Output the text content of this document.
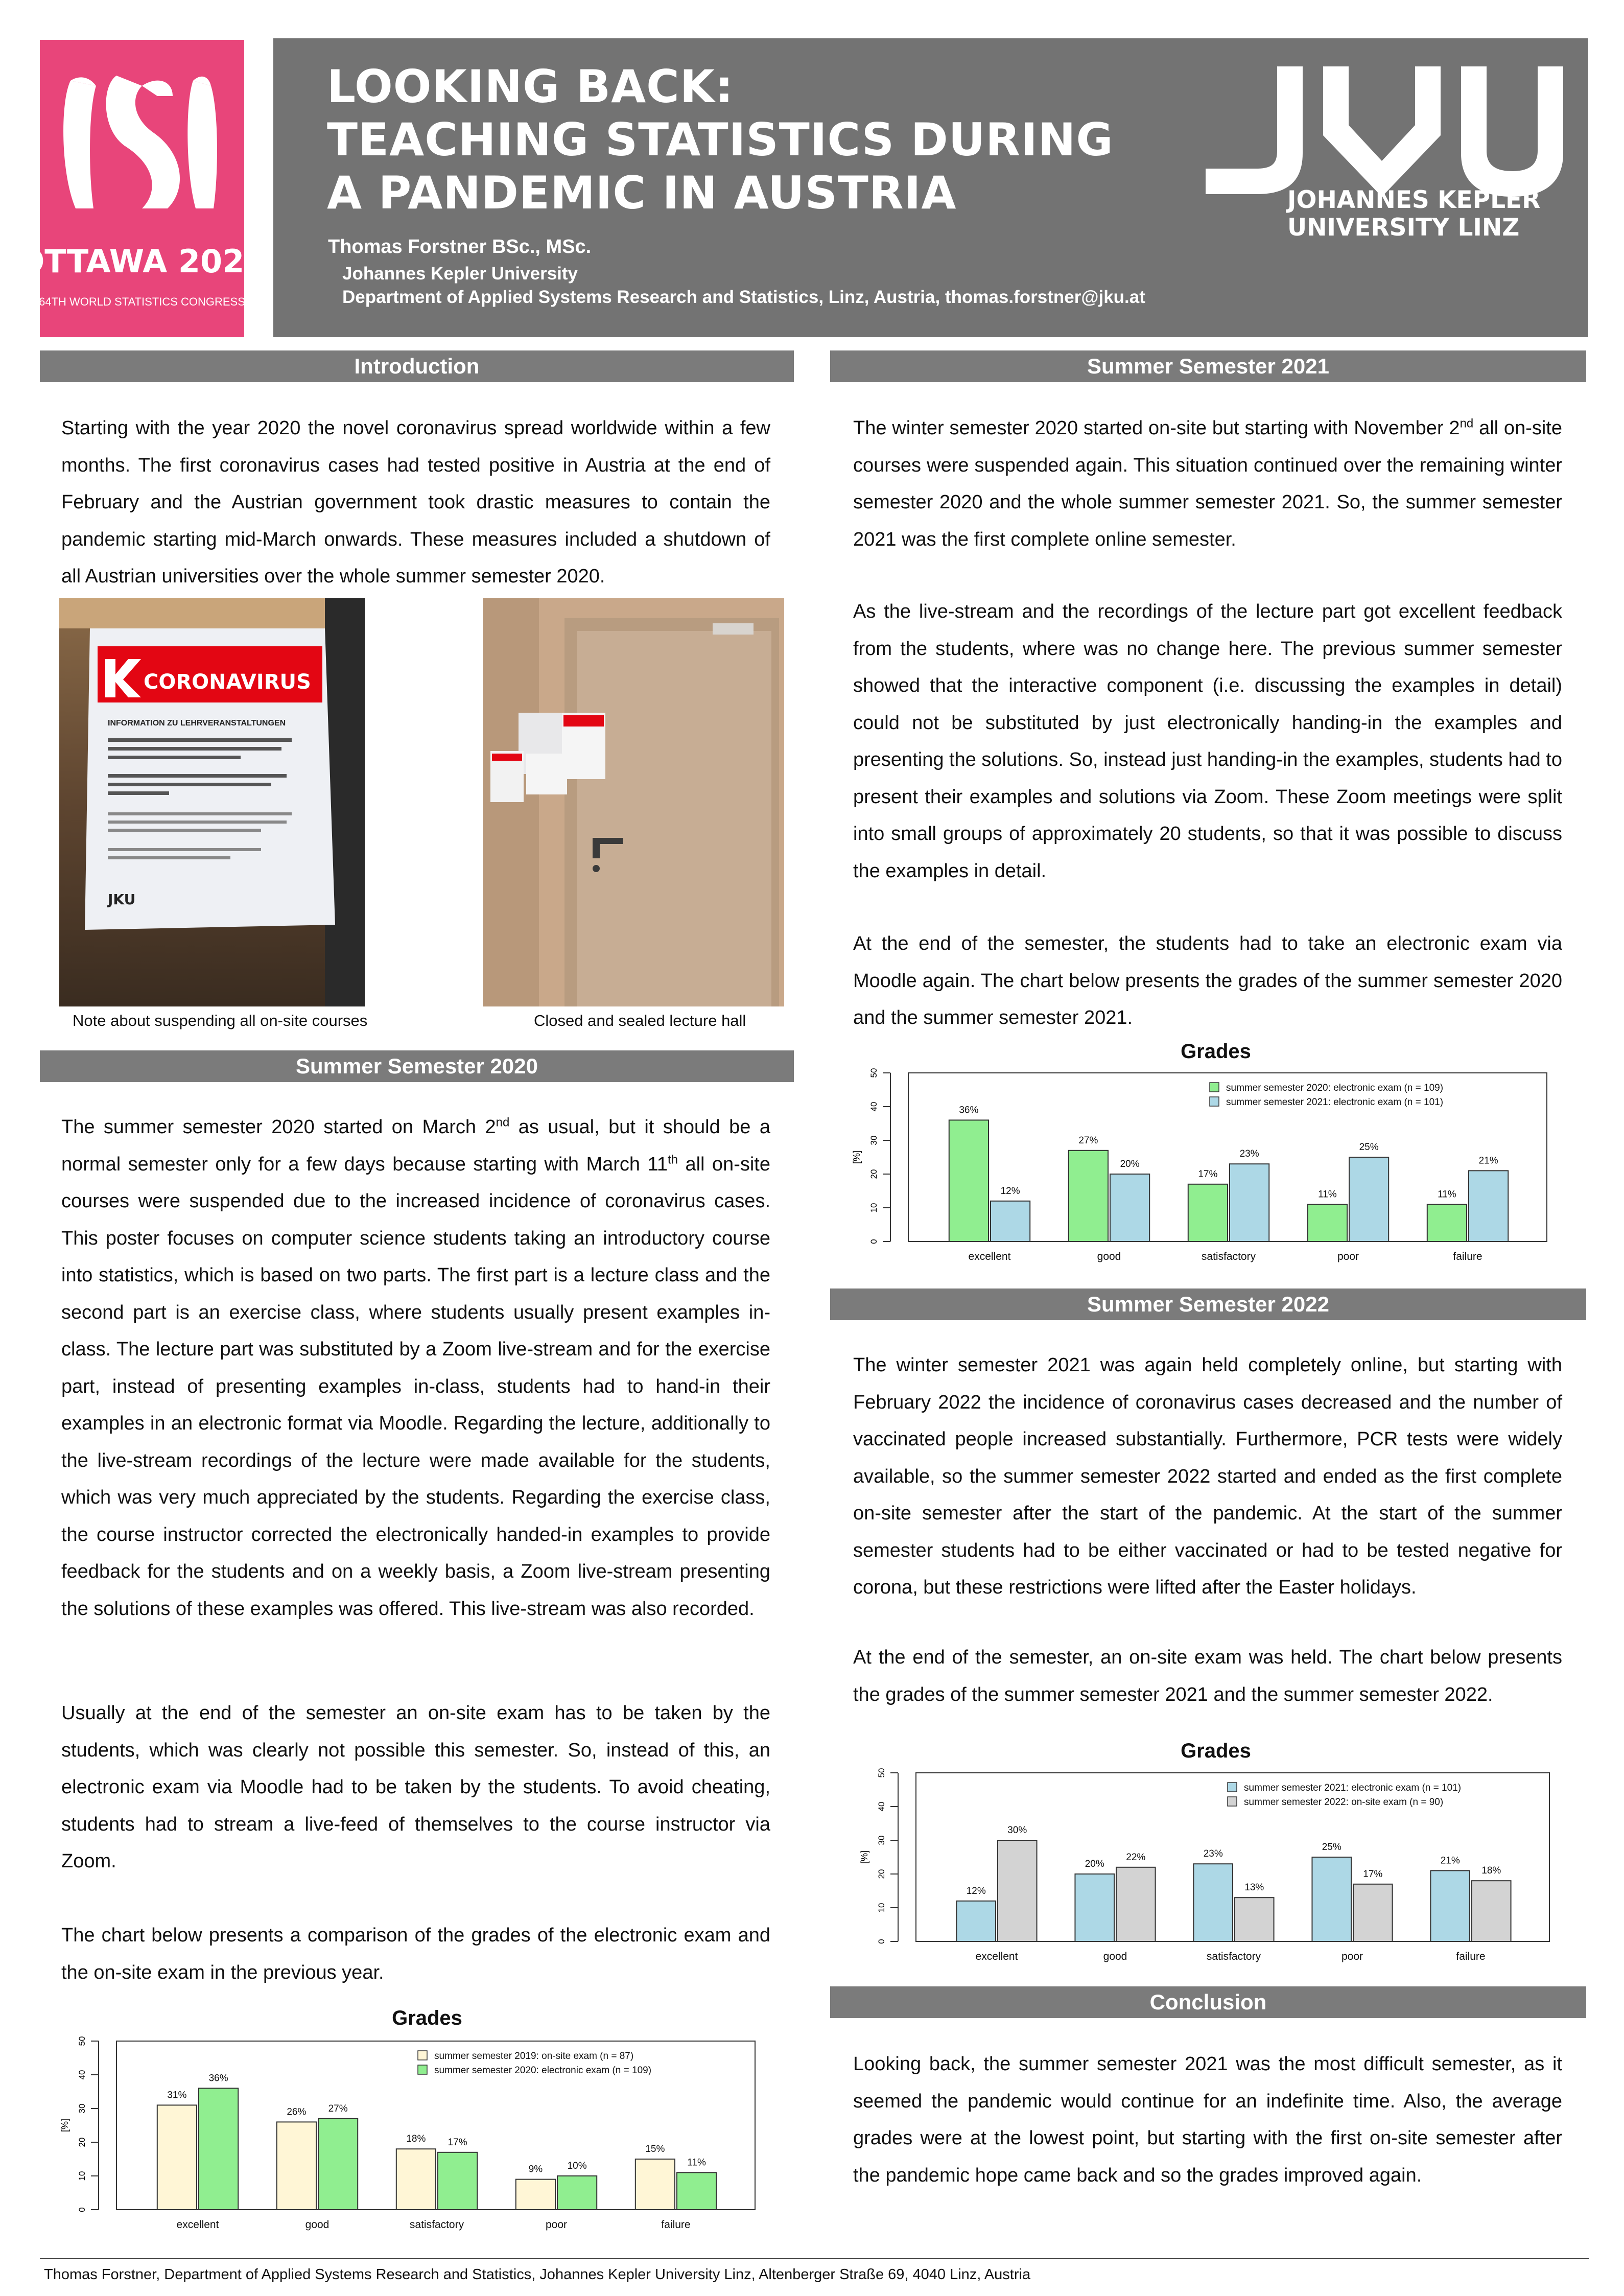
OTTAWA 2023
64TH WORLD STATISTICS CONGRESS
LOOKING BACK:
TEACHING STATISTICS DURING
A PANDEMIC IN AUSTRIA
Thomas Forstner BSc., MSc.
Johannes Kepler University
Department of Applied Systems Research and Statistics, Linz, Austria, thomas.forstner@jku.at
JOHANNES KEPLER
UNIVERSITY LINZ
Introduction
Starting with the year 2020 the novel coronavirus spread worldwide within a few months. The first coronavirus cases had tested positive in Austria at the end of February and the Austrian government took drastic measures to contain the pandemic starting mid-March onwards. These measures included a shutdown of all Austrian universities over the whole summer semester 2020.
CORONAVIRUS
INFORMATION ZU LEHRVERANSTALTUNGEN
JKU
Note about suspending all on-site courses	Closed and sealed lecture hall
Summer Semester 2020
The summer semester 2020 started on March 2nd as usual, but it should be a normal semester only for a few days because starting with March 11th all on-site courses were suspended due to the increased incidence of coronavirus cases. This poster focuses on computer science students taking an introductory course into statistics, which is based on two parts. The first part is a lecture class and the second part is an exercise class, where students usually present examples in-class. The lecture part was substituted by a Zoom live-stream and for the exercise part, instead of presenting examples in-class, students had to hand-in their examples in an electronic format via Moodle. Regarding the lecture, additionally to the live-stream recordings of the lecture were made available for the students, which was very much appreciated by the students. Regarding the exercise class, the course instructor corrected the electronically handed-in examples to provide feedback for the students and on a weekly basis, a Zoom live-stream presenting the solutions of these examples was offered. This live-stream was also recorded.
Usually at the end of the semester an on-site exam has to be taken by the students, which was clearly not possible this semester. So, instead of this, an electronic exam via Moodle had to be taken by the students. To avoid cheating, students had to stream a live-feed of themselves to the course instructor via Zoom.
The chart below presents a comparison of the grades of the electronic exam and the on-site exam in the previous year.
Grades
0
10
20
30
40
50
[%]
31%
36%
excellent
26% 27%
good
18% 17%
satisfactory
9%	10%
poor
15%
11%
failure
summer semester 2019: on-site exam (n = 87)
summer semester 2020: electronic exam (n = 109)
Summer Semester 2021
The winter semester 2020 started on-site but starting with November 2nd all on-site courses were suspended again. This situation continued over the remaining winter semester 2020 and the whole summer semester 2021. So, the summer semester 2021 was the first complete online semester.
As the live-stream and the recordings of the lecture part got excellent feedback from the students, where was no change here. The previous summer semester showed that the interactive component (i.e. discussing the examples in detail) could not be substituted by just electronically handing-in the examples and presenting the solutions. So, instead just handing-in the examples, students had to present their examples and solutions via Zoom. These Zoom meetings were split into small groups of approximately 20 students, so that it was possible to discuss the examples in detail.
At the end of the semester, the students had to take an electronic exam via Moodle again. The chart below presents the grades of the summer semester 2020 and the summer semester 2021.
Grades
0
10
20
30
40
50
[%]
36%
12%
excellent
27%
20%
good
17%
23%
satisfactory
11%
25%
poor
11%
21%
failure
summer semester 2020: electronic exam (n = 109)
summer semester 2021: electronic exam (n = 101)
Summer Semester 2022
The winter semester 2021 was again held completely online, but starting with February 2022 the incidence of coronavirus cases decreased and the number of vaccinated people increased substantially. Furthermore, PCR tests were widely available, so the summer semester 2022 started and ended as the first complete on-site semester after the start of the pandemic. At the start of the summer semester students had to be either vaccinated or had to be tested negative for corona, but these restrictions were lifted after the Easter holidays.
At the end of the semester, an on-site exam was held. The chart below presents the grades of the summer semester 2021 and the summer semester 2022.
Grades
0
10
20
30
40
50
[%]
12%
30%
excellent
20%
22%
good
23%
13%
satisfactory
25%
17%
poor
21%
18%
failure
summer semester 2021: electronic exam (n = 101)
summer semester 2022: on-site exam (n = 90)
Conclusion
Looking back, the summer semester 2021 was the most difficult semester, as it seemed the pandemic would continue for an indefinite time. Also, the average grades were at the lowest point, but starting with the first on-site semester after the pandemic hope came back and so the grades improved again.
Thomas Forstner, Department of Applied Systems Research and Statistics, Johannes Kepler University Linz, Altenberger Straße 69, 4040 Linz, Austria
